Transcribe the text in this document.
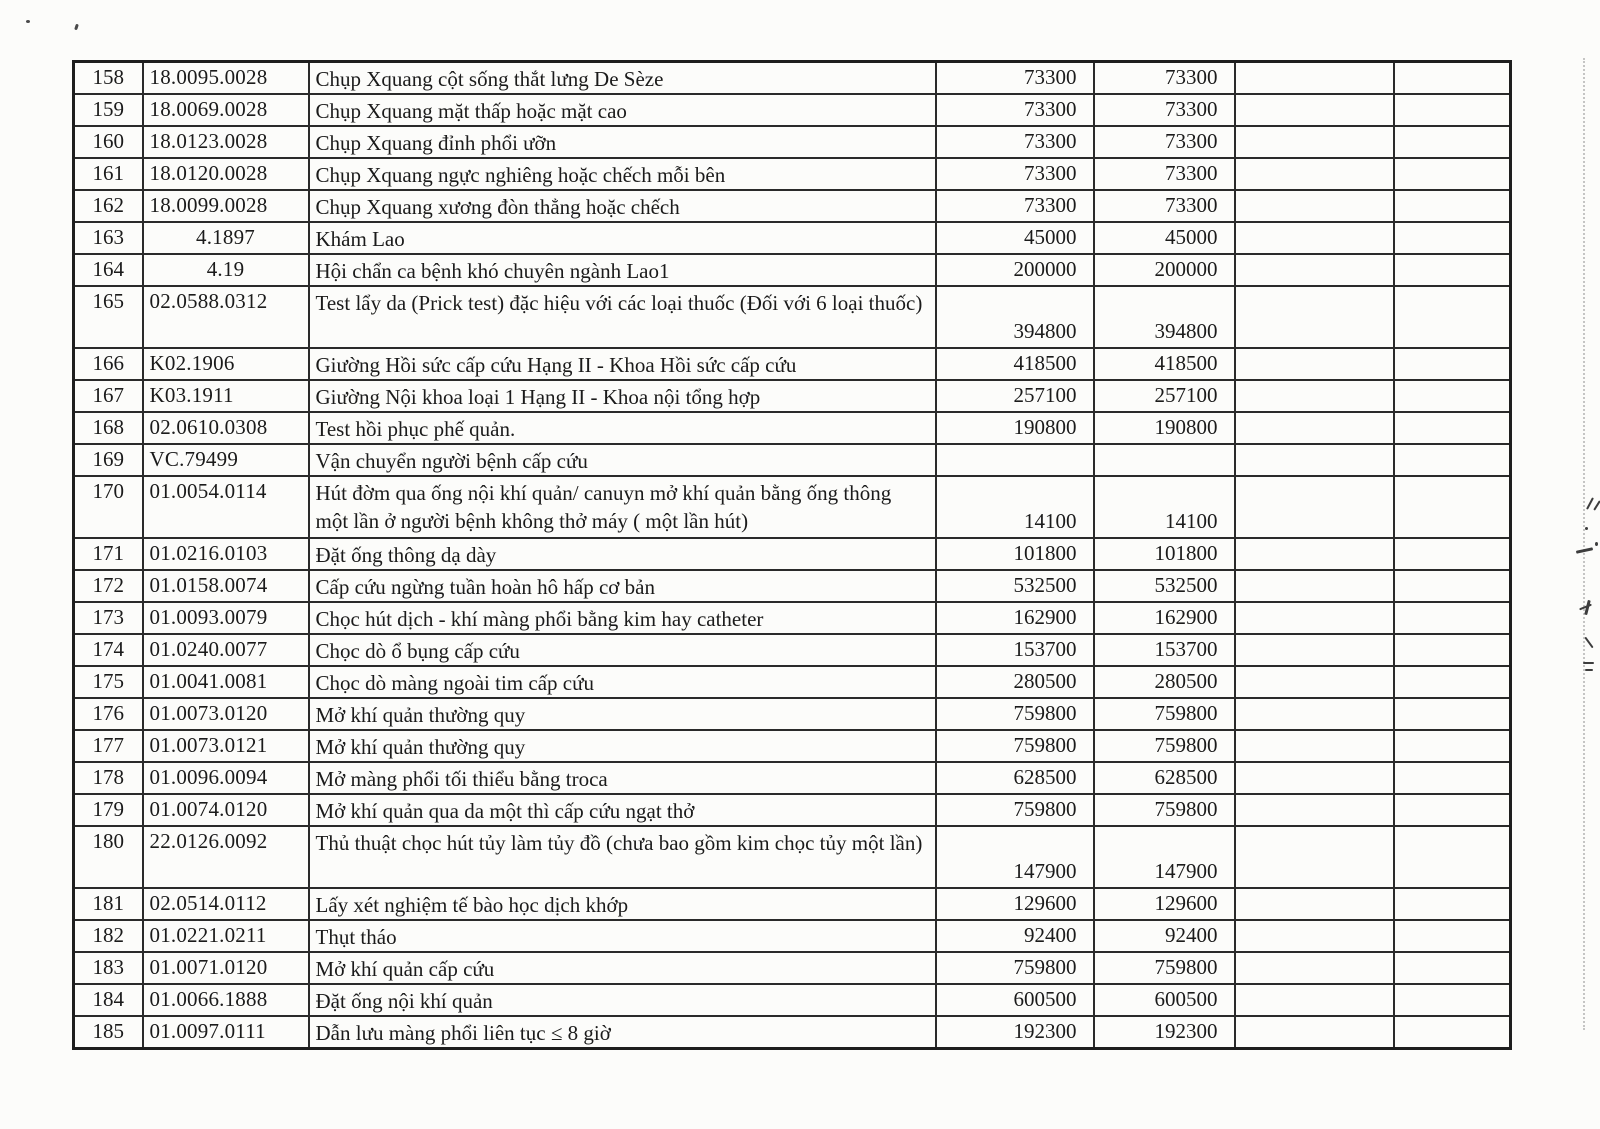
158	18.0095.0028	Chụp Xquang cột sống thắt lưng De Sèze	73300	73300		
159	18.0069.0028	Chụp Xquang mặt thấp hoặc mặt cao	73300	73300		
160	18.0123.0028	Chụp Xquang đỉnh phổi ưỡn	73300	73300		
161	18.0120.0028	Chụp Xquang ngực nghiêng hoặc chếch mỗi bên	73300	73300		
162	18.0099.0028	Chụp Xquang xương đòn thẳng hoặc chếch	73300	73300		
163	4.1897	Khám Lao	45000	45000		
164	4.19	Hội chẩn ca bệnh khó chuyên ngành Lao1	200000	200000		
165	02.0588.0312	Test lẩy da (Prick test) đặc hiệu với các loại thuốc (Đối với 6 loại thuốc)	394800	394800		
166	K02.1906	Giường Hồi sức cấp cứu Hạng II - Khoa Hồi sức cấp cứu	418500	418500		
167	K03.1911	Giường Nội khoa loại 1 Hạng II - Khoa nội tổng hợp	257100	257100		
168	02.0610.0308	Test hồi phục phế quản.	190800	190800		
169	VC.79499	Vận chuyển người bệnh cấp cứu				
170	01.0054.0114	Hút đờm qua ống nội khí quản/ canuyn mở khí quản bằng ống thông một lần ở người bệnh không thở máy ( một lần hút)	14100	14100		
171	01.0216.0103	Đặt ống thông dạ dày	101800	101800		
172	01.0158.0074	Cấp cứu ngừng tuần hoàn hô hấp cơ bản	532500	532500		
173	01.0093.0079	Chọc hút dịch - khí màng phổi bằng kim hay catheter	162900	162900		
174	01.0240.0077	Chọc dò ổ bụng cấp cứu	153700	153700		
175	01.0041.0081	Chọc dò màng ngoài tim cấp cứu	280500	280500		
176	01.0073.0120	Mở khí quản thường quy	759800	759800		
177	01.0073.0121	Mở khí quản thường quy	759800	759800		
178	01.0096.0094	Mở màng phổi tối thiểu bằng troca	628500	628500		
179	01.0074.0120	Mở khí quản qua da một thì cấp cứu ngạt thở	759800	759800		
180	22.0126.0092	Thủ thuật chọc hút tủy làm tủy đồ (chưa bao gồm kim chọc tủy một lần)	147900	147900		
181	02.0514.0112	Lấy xét nghiệm tế bào học dịch khớp	129600	129600		
182	01.0221.0211	Thụt tháo	92400	92400		
183	01.0071.0120	Mở khí quản cấp cứu	759800	759800		
184	01.0066.1888	Đặt ống nội khí quản	600500	600500		
185	01.0097.0111	Dẫn lưu màng phổi liên tục ≤ 8 giờ	192300	192300		
